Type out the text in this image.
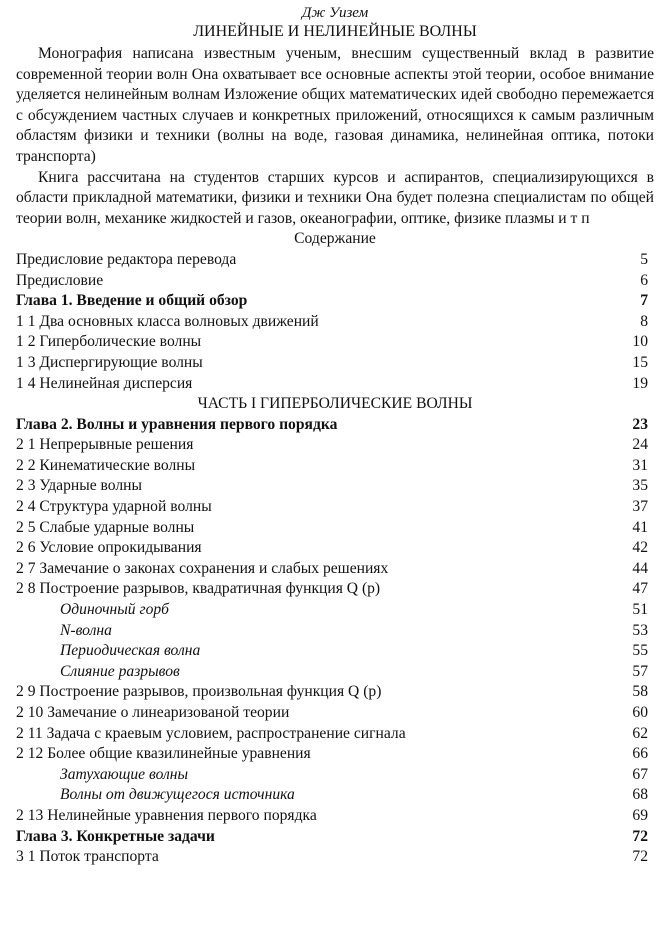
Дж Уизем
ЛИНЕЙНЫЕ И НЕЛИНЕЙНЫЕ ВОЛНЫ

Монография написана известным ученым, внесшим существенный вклад в развитие современной теории волн Она охватывает все основные аспекты этой теории, особое внимание уделяется нелинейным волнам Изложение общих математических идей свободно перемежается с обсуждением частных случаев и конкретных приложений, относящихся к самым различным областям физики и техники (волны на воде, газовая динамика, нелинейная оптика, потоки транспорта)

Книга рассчитана на студентов старших курсов и аспирантов, специализирующихся в области прикладной математики, физики и техники Она будет полезна специалистам по общей теории волн, механике жидкостей и газов, океанографии, оптике, физике плазмы и т п

Содержание
Предисловие редактора перевода	5
Предисловие	6
Глава 1. Введение и общий обзор	7
1 1 Два основных класса волновых движений	8
1 2 Гиперболические волны	10
1 3 Диспергирующие волны	15
1 4 Нелинейная дисперсия	19
ЧАСТЬ I ГИПЕРБОЛИЧЕСКИЕ ВОЛНЫ
Глава 2. Волны и уравнения первого порядка	23
2 1 Непрерывные решения	24
2 2 Кинематические волны	31
2 3 Ударные волны	35
2 4 Структура ударной волны	37
2 5 Слабые ударные волны	41
2 6 Условие опрокидывания	42
2 7 Замечание о законах сохранения и слабых решениях	44
2 8 Построение разрывов, квадратичная функция Q (р)	47
Одиночный горб	51
N-волна	53
Периодическая волна	55
Слияние разрывов	57
2 9 Построение разрывов, произвольная функция Q (р)	58
2 10 Замечание о линеаризованой теории	60
2 11 Задача с краевым условием, распространение сигнала	62
2 12 Более общие квазилинейные уравнения	66
Затухающие волны	67
Волны от движущегося источника	68
2 13 Нелинейные уравнения первого порядка	69
Глава 3. Конкретные задачи	72
3 1 Поток транспорта	72
